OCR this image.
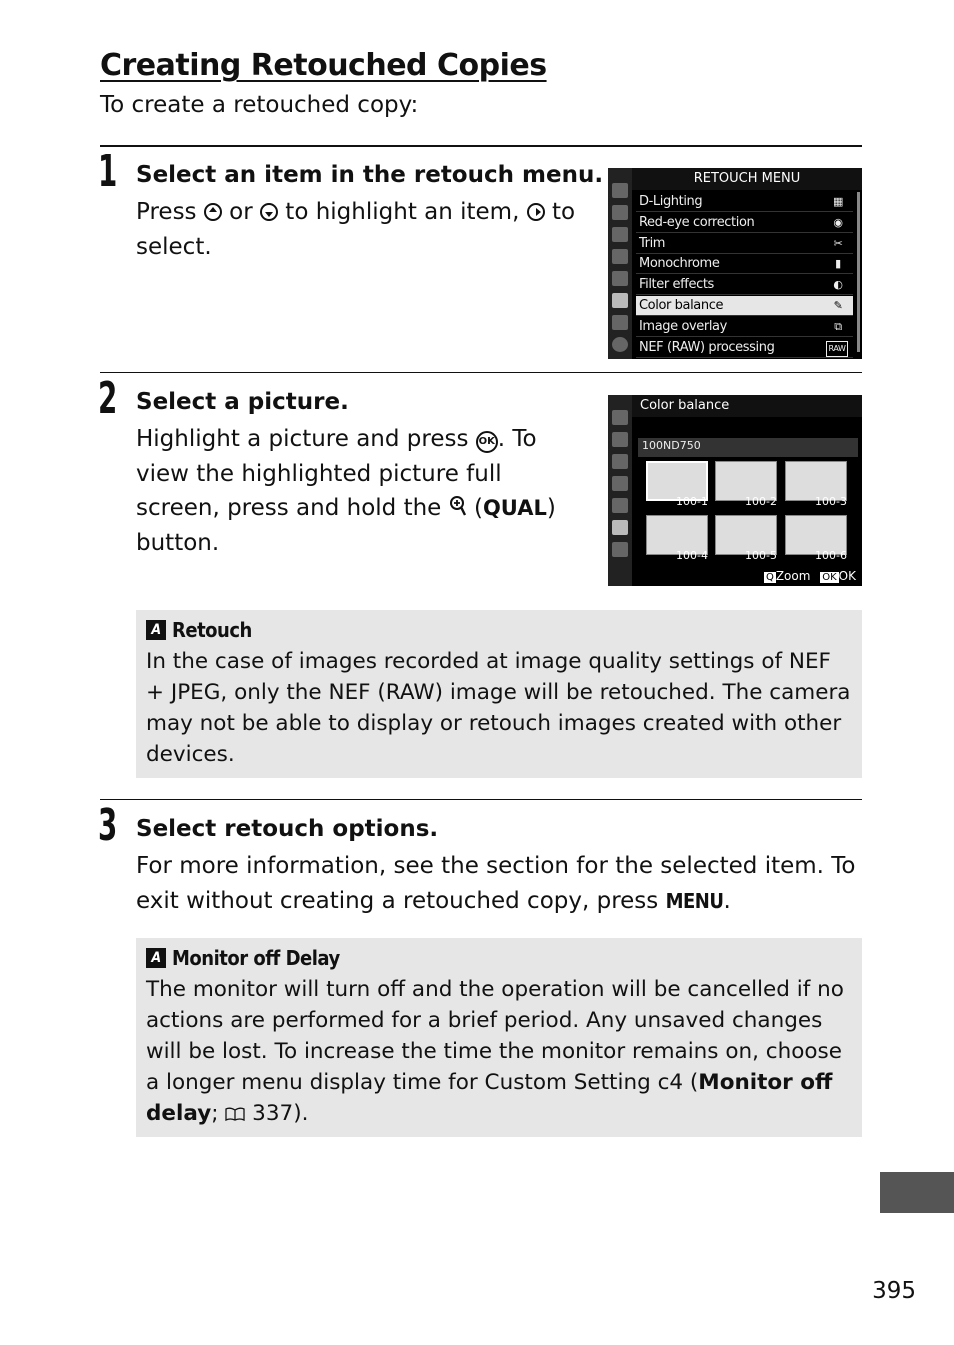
Creating Retouched Copies
To create a retouched copy:
1 Select an item in the retouch menu.
Press
or
to highlight an item,
to select.
RETOUCH MENU
D-Lighting	▦
Red-eye correction	◉
Trim	✂
Monochrome	▮
Filter effects	◐
Color balance	✎
Image overlay	⧉
NEF (RAW) processing	RAW
2 Select a picture.
Highlight a picture and press OK . To view the highlighted picture full screen, press and hold the  (QUAL) button.
Color balance
100ND750
100-1	100-2	100-3
100-4	100-5	100-6
Q Zoom OK OK
A Retouch
In the case of images recorded at image quality settings of NEF + JPEG, only the NEF (RAW) image will be retouched. The camera may not be able to display or retouch images created with other devices.
3 Select retouch options.
For more information, see the section for the selected item. To exit without creating a retouched copy, press MENU.
A Monitor off Delay
The monitor will turn off and the operation will be cancelled if no actions are performed for a brief period. Any unsaved changes will be lost. To increase the time the monitor remains on, choose a longer menu display time for Custom Setting c4 (Monitor off delay;  337).
395
